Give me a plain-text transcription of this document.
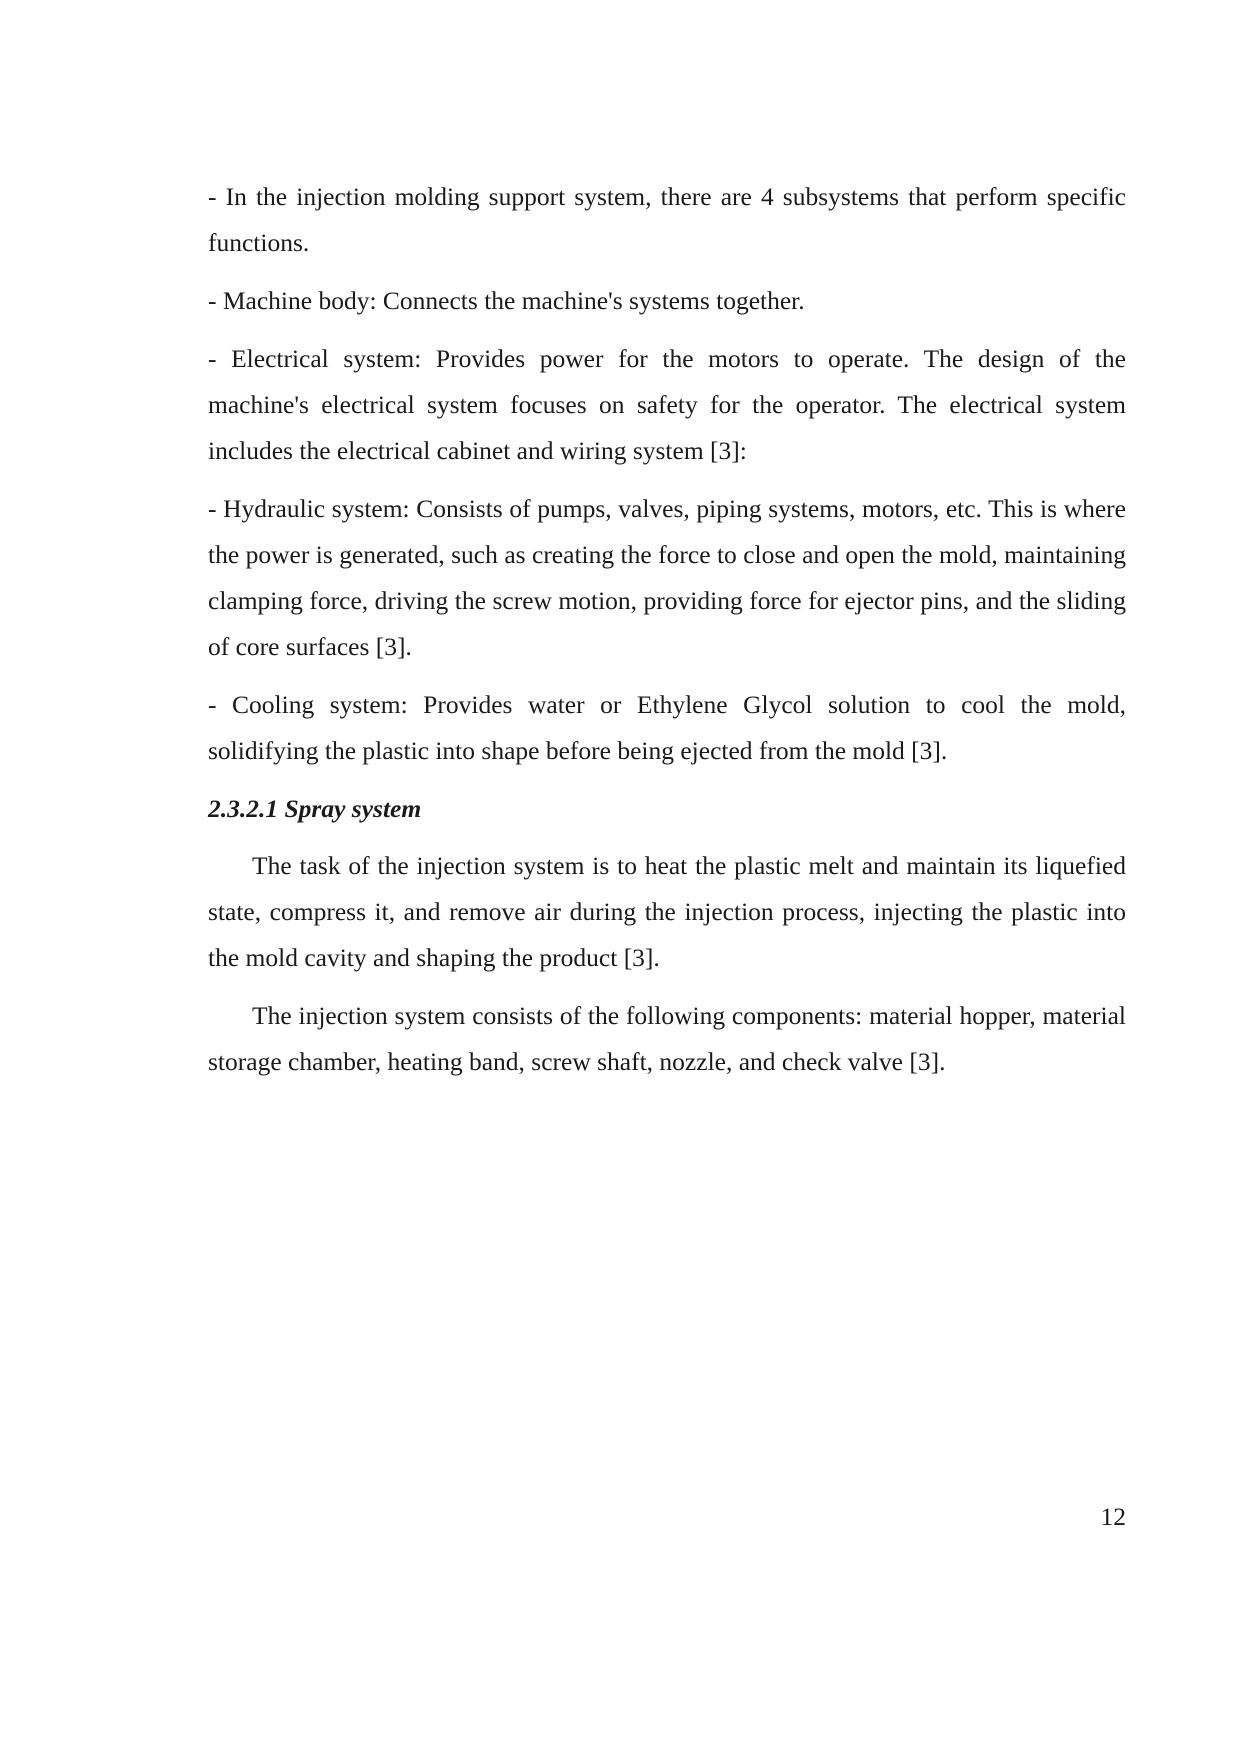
- In the injection molding support system, there are 4 subsystems that perform specific functions.

- Machine body: Connects the machine's systems together.

- Electrical system: Provides power for the motors to operate. The design of the machine's electrical system focuses on safety for the operator. The electrical system includes the electrical cabinet and wiring system [3]:

- Hydraulic system: Consists of pumps, valves, piping systems, motors, etc. This is where the power is generated, such as creating the force to close and open the mold, maintaining clamping force, driving the screw motion, providing force for ejector pins, and the sliding of core surfaces [3].

- Cooling system: Provides water or Ethylene Glycol solution to cool the mold, solidifying the plastic into shape before being ejected from the mold [3].

2.3.2.1 Spray system

The task of the injection system is to heat the plastic melt and maintain its liquefied state, compress it, and remove air during the injection process, injecting the plastic into the mold cavity and shaping the product [3].

The injection system consists of the following components: material hopper, material storage chamber, heating band, screw shaft, nozzle, and check valve [3].

12
